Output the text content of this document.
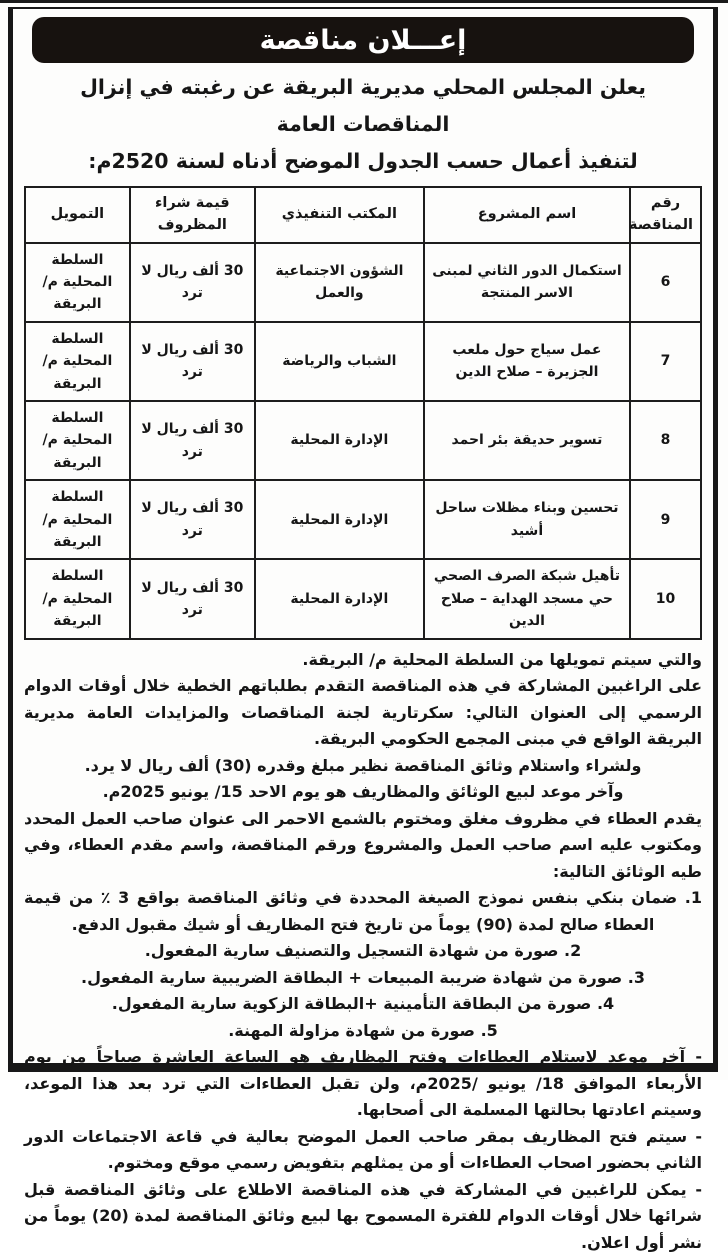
إعـــلان مناقصة

يعلن المجلس المحلي مديرية البريقة عن رغبته في إنزال المناقصات العامة
لتنفيذ أعمال حسب الجدول الموضح أدناه لسنة 2520م:

رقم المناقصة	اسم المشروع	المكتب التنفيذي	قيمة شراء المظروف	التمويل
6	استكمال الدور الثاني لمبنى الاسر المنتجة	الشؤون الاجتماعية والعمل	30 ألف ريال لا ترد	السلطة المحلية م/ البريقة
7	عمل سياج حول ملعب الجزيرة – صلاح الدين	الشباب والرياضة	30 ألف ريال لا ترد	السلطة المحلية م/ البريقة
8	تسوير حديقة بئر احمد	الإدارة المحلية	30 ألف ريال لا ترد	السلطة المحلية م/ البريقة
9	تحسين وبناء مظلات ساحل أشيد	الإدارة المحلية	30 ألف ريال لا ترد	السلطة المحلية م/ البريقة
10	تأهيل شبكة الصرف الصحي حي مسجد الهداية – صلاح الدين	الإدارة المحلية	30 ألف ريال لا ترد	السلطة المحلية م/ البريقة

والتي سيتم تمويلها من السلطة المحلية م/ البريقة.

على الراغبين المشاركة في هذه المناقصة التقدم بطلباتهم الخطية خلال أوقات الدوام الرسمي إلى العنوان التالي: سكرتارية لجنة المناقصات والمزايدات العامة مديرية البريقة الواقع في مبنى المجمع الحكومي البريقة.

ولشراء واستلام وثائق المناقصة نظير مبلغ وقدره (30) ألف ريال لا يرد.

وآخر موعد لبيع الوثائق والمظاريف هو يوم الاحد 15/ يونيو 2025م.

يقدم العطاء في مظروف مغلق ومختوم بالشمع الاحمر الى عنوان صاحب العمل المحدد ومكتوب عليه اسم صاحب العمل والمشروع ورقم المناقصة، واسم مقدم العطاء، وفي طيه الوثائق التالية:

1. ضمان بنكي بنفس نموذج الصيغة المحددة في وثائق المناقصة بواقع 3 ٪ من قيمة العطاء صالح لمدة (90) يوماً من تاريخ فتح المظاريف أو شيك مقبول الدفع.

2. صورة من شهادة التسجيل والتصنيف سارية المفعول.

3. صورة من شهادة ضريبة المبيعات + البطاقة الضريبية سارية المفعول.

4. صورة من البطاقة التأمينية +البطاقة الزكوية سارية المفعول.

5. صورة من شهادة مزاولة المهنة.

- آخر موعد لاستلام العطاءات وفتح المظاريف هو الساعة العاشرة صباحاً من يوم الأربعاء الموافق 18/ يونيو /2025م، ولن تقبل العطاءات التي ترد بعد هذا الموعد، وسيتم اعادتها بحالتها المسلمة الى أصحابها.

- سيتم فتح المظاريف بمقر صاحب العمل الموضح بعالية في قاعة الاجتماعات الدور الثاني بحضور اصحاب العطاءات أو من يمثلهم بتفويض رسمي موقع ومختوم.

- يمكن للراغبين في المشاركة في هذه المناقصة الاطلاع على وثائق المناقصة قبل شرائها خلال أوقات الدوام للفترة المسموح بها لبيع وثائق المناقصة لمدة (20) يوماً من نشر أول اعلان.
